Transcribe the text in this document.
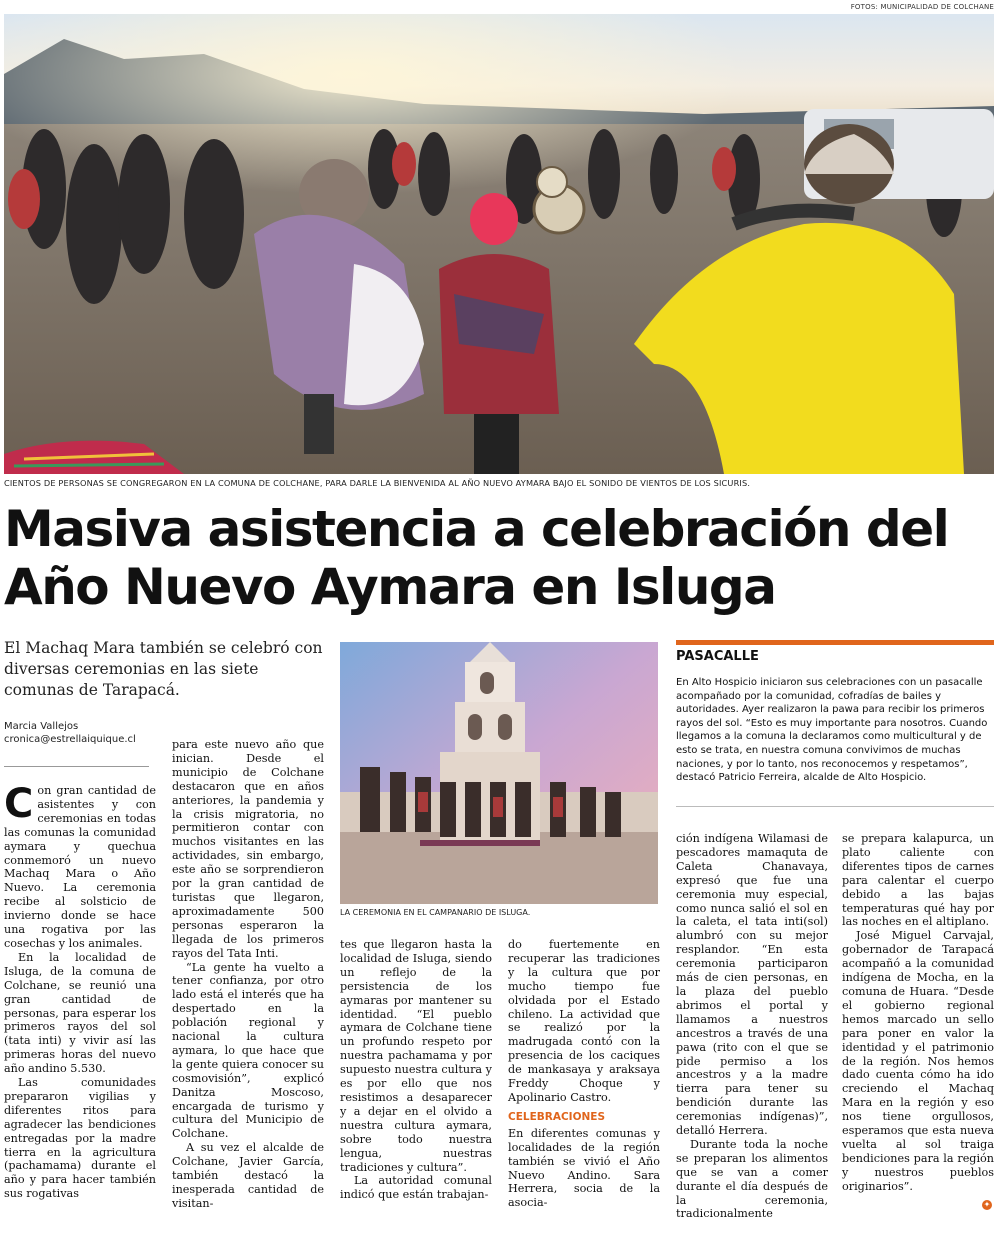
FOTOS: MUNICIPALIDAD DE COLCHANE
CIENTOS DE PERSONAS SE CONGREGARON EN LA COMUNA DE COLCHANE, PARA DARLE LA BIENVENIDA AL AÑO NUEVO AYMARA BAJO EL SONIDO DE VIENTOS DE LOS SICURIS.
Masiva asistencia a celebración del Año Nuevo Aymara en Isluga
El Machaq Mara también se celebró con diversas ceremonias en las siete comunas de Tarapacá.
Marcia Vallejos
cronica@estrellaiquique.cl

Con gran cantidad de asistentes y con ceremonias en todas las comunas la comunidad aymara y quechua conmemoró un nuevo Machaq Mara o Año Nuevo. La ceremonia recibe al solsticio de invierno donde se hace una rogativa por las cosechas y los animales.

En la localidad de Isluga, de la comuna de Colchane, se reunió una gran cantidad de personas, para esperar los primeros rayos del sol (tata inti) y vivir así las primeras horas del nuevo año andino 5.530.

Las comunidades prepararon vigilias y diferentes ritos para agradecer las bendiciones entregadas por la madre tierra en la agricultura (pachamama) durante el año y para hacer también sus rogativas

para este nuevo año que inician. Desde el municipio de Colchane destacaron que en años anteriores, la pandemia y la crisis migratoria, no permitieron contar con muchos visitantes en las actividades, sin embargo, este año se sorprendieron por la gran cantidad de turistas que llegaron, aproximadamente 500 personas esperaron la llegada de los primeros rayos del Tata Inti.

“La gente ha vuelto a tener confianza, por otro lado está el interés que ha despertado en la población regional y nacional la cultura aymara, lo que hace que la gente quiera conocer su cosmovisión”, explicó Danitza Moscoso, encargada de turismo y cultura del Municipio de Colchane.

A su vez el alcalde de Colchane, Javier García, también destacó la inesperada cantidad de visitan-

LA CEREMONIA EN EL CAMPANARIO DE ISLUGA.

tes que llegaron hasta la localidad de Isluga, siendo un reflejo de la persistencia de los aymaras por mantener su identidad. “El pueblo aymara de Colchane tiene un profundo respeto por nuestra pachamama y por supuesto nuestra cultura y es por ello que nos resistimos a desaparecer y a dejar en el olvido a nuestra cultura aymara, sobre todo nuestra lengua, nuestras tradiciones y cultura”.

La autoridad comunal indicó que están trabajan-

do fuertemente en recuperar las tradiciones y la cultura que por mucho tiempo fue olvidada por el Estado chileno. La actividad que se realizó por la madrugada contó con la presencia de los caciques de mankasaya y araksaya Freddy Choque y Apolinario Castro.

CELEBRACIONES

En diferentes comunas y localidades de la región también se vivió el Año Nuevo Andino. Sara Herrera, socia de la asocia-

ción indígena Wilamasi de pescadores mamaquta de Caleta Chanavaya, expresó que fue una ceremonia muy especial, como nunca salió el sol en la caleta, el tata inti(sol) alumbró con su mejor resplandor. “En esta ceremonia participaron más de cien personas, en la plaza del pueblo abrimos el portal y llamamos a nuestros ancestros a través de una pawa (rito con el que se pide permiso a los ancestros y a la madre tierra para tener su bendición durante las ceremonias indígenas)”, detalló Herrera.

Durante toda la noche se preparan los alimentos que se van a comer durante el día después de la ceremonia, tradicionalmente

se prepara kalapurca, un plato caliente con diferentes tipos de carnes para calentar el cuerpo debido a las bajas temperaturas qué hay por las noches en el altiplano.

José Miguel Carvajal, gobernador de Tarapacá acompañó a la comunidad indígena de Mocha, en la comuna de Huara. “Desde el gobierno regional hemos marcado un sello para poner en valor la identidad y el patrimonio de la región. Nos hemos dado cuenta cómo ha ido creciendo el Machaq Mara en la región y eso nos tiene orgullosos, esperamos que esta nueva vuelta al sol traiga bendiciones para la región y nuestros pueblos originarios”.

PASACALLE
En Alto Hospicio iniciaron sus celebraciones con un pasacalle acompañado por la comunidad, cofradías de bailes y autoridades. Ayer realizaron la pawa para recibir los primeros rayos del sol. “Esto es muy importante para nosotros. Cuando llegamos a la comuna la declaramos como multicultural y de esto se trata, en nuestra comuna convivimos de muchas naciones, y por lo tanto, nos reconocemos y respetamos”, destacó Patricio Ferreira, alcalde de Alto Hospicio.
✦
